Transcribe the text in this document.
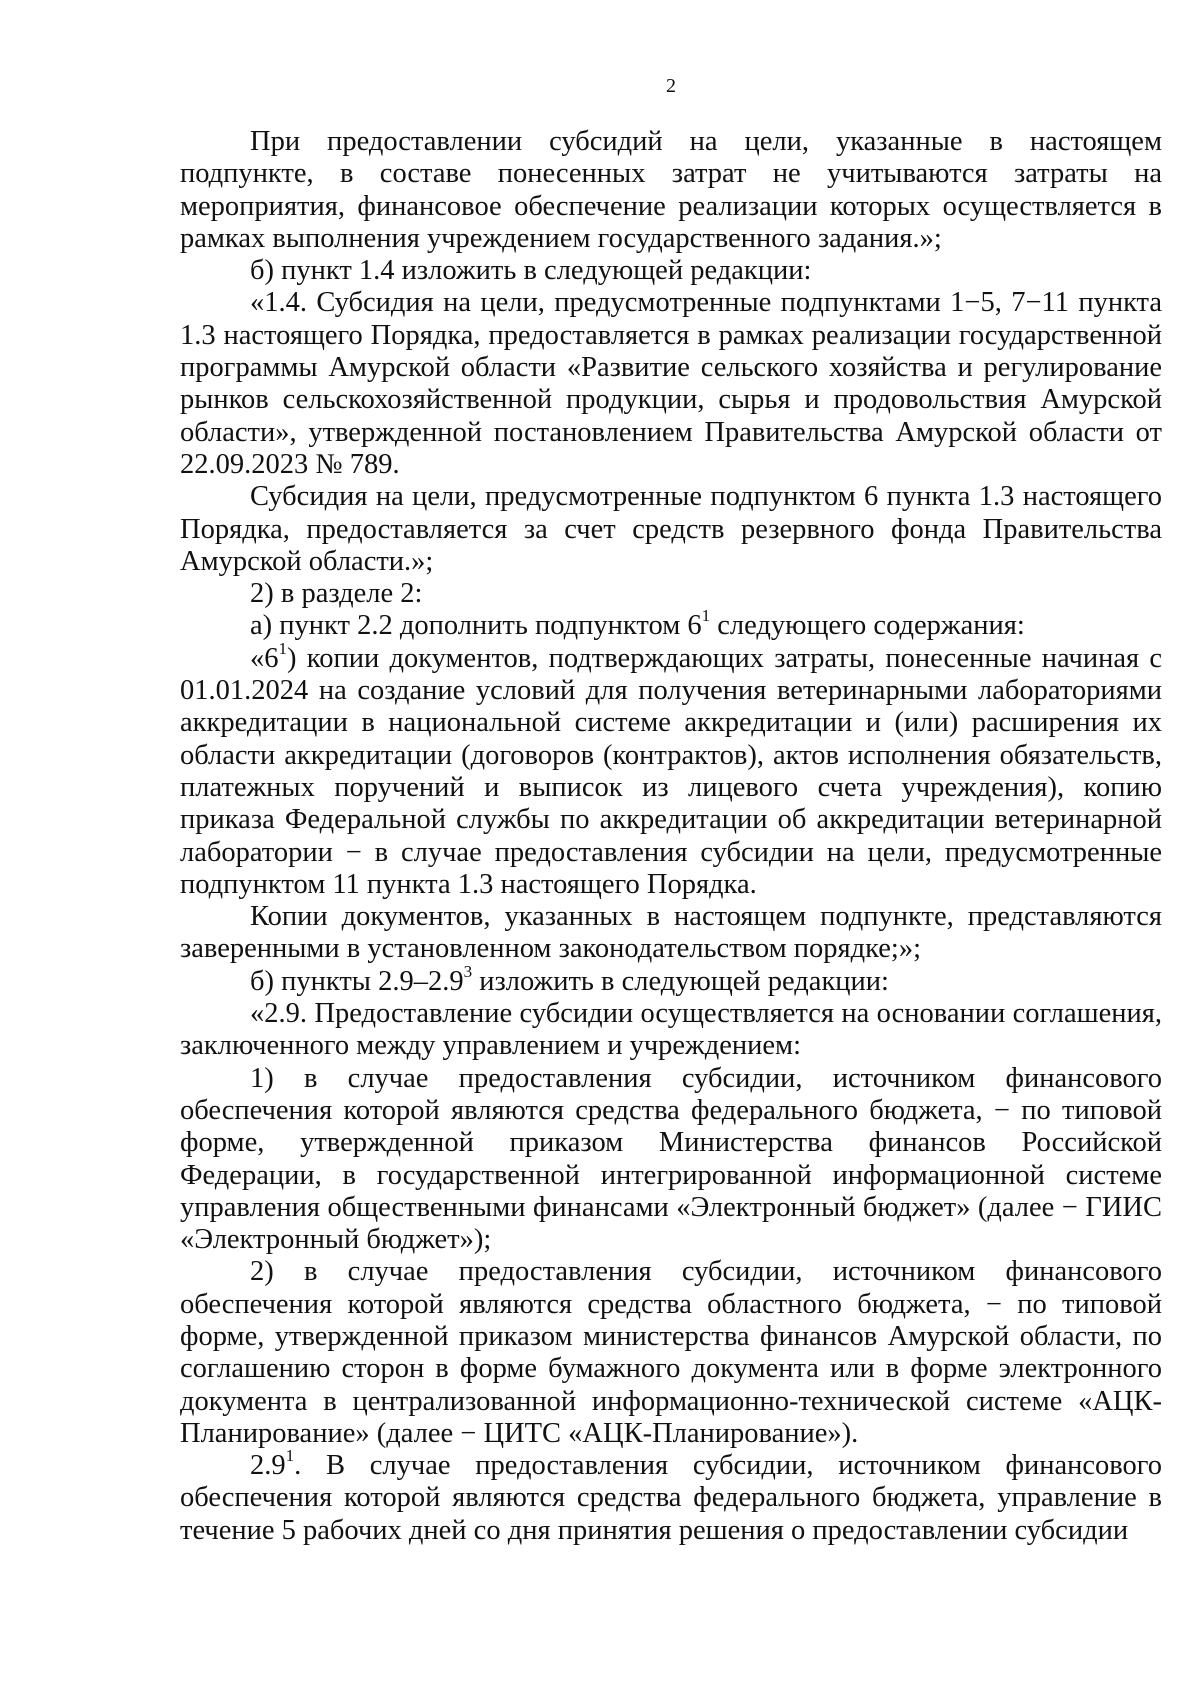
2

При предоставлении субсидий на цели, указанные в настоящем подпункте, в составе понесенных затрат не учитываются затраты на мероприятия, финансовое обеспечение реализации которых осуществляется в рамках выполнения учреждением государственного задания.»;

б) пункт 1.4 изложить в следующей редакции:

«1.4. Субсидия на цели, предусмотренные подпунктами 1−5, 7−11 пункта 1.3 настоящего Порядка, предоставляется в рамках реализации государственной программы Амурской области «Развитие сельского хозяйства и регулирование рынков сельскохозяйственной продукции, сырья и продовольствия Амурской области», утвержденной постановлением Правительства Амурской области от 22.09.2023 № 789.

Субсидия на цели, предусмотренные подпунктом 6 пункта 1.3 настоящего Порядка, предоставляется за счет средств резервного фонда Правительства Амурской области.»;

2) в разделе 2:

а) пункт 2.2 дополнить подпунктом $6^1$ следующего содержания:

«$6^1$) копии документов, подтверждающих затраты, понесенные начиная с 01.01.2024 на создание условий для получения ветеринарными лабораториями аккредитации в национальной системе аккредитации и (или) расширения их области аккредитации (договоров (контрактов), актов исполнения обязательств, платежных поручений и выписок из лицевого счета учреждения), копию приказа Федеральной службы по аккредитации об аккредитации ветеринарной лаборатории − в случае предоставления субсидии на цели, предусмотренные подпунктом 11 пункта 1.3 настоящего Порядка.

Копии документов, указанных в настоящем подпункте, представляются заверенными в установленном законодательством порядке;»;

б) пункты $2.9-2.9^3$ изложить в следующей редакции:

«2.9. Предоставление субсидии осуществляется на основании соглашения, заключенного между управлением и учреждением:

1) в случае предоставления субсидии, источником финансового обеспечения которой являются средства федерального бюджета, − по типовой форме, утвержденной приказом Министерства финансов Российской Федерации, в государственной интегрированной информационной системе управления общественными финансами «Электронный бюджет» (далее − ГИИС «Электронный бюджет»);

2) в случае предоставления субсидии, источником финансового обеспечения которой являются средства областного бюджета, − по типовой форме, утвержденной приказом министерства финансов Амурской области, по соглашению сторон в форме бумажного документа или в форме электронного документа в централизованной информационно-технической системе «АЦК-Планирование» (далее − ЦИТС «АЦК-Планирование»).

$2.9^1$. В случае предоставления субсидии, источником финансового обеспечения которой являются средства федерального бюджета, управление в течение 5 рабочих дней со дня принятия решения о предоставлении субсидии
